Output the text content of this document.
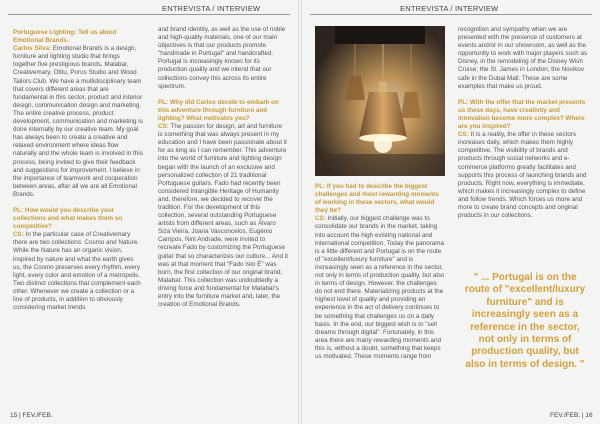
ENTREVISTA / INTERVIEW

Portuguese Lighting: Tell us about Emotional Brands.
Carlos Silva: Emotional Brands is a design, furniture and lighting studio that brings together five prestigious brands, Malabar, Creativemary, Ottiu, Porus Studio and Wood Tailors Club. We have a multidisciplinary team that covers different areas that are fundamental in this sector, product and interior design, communication design and marketing. The entire creative process, product development, communication and marketing is done internally by our creative team. My goal has always been to create a creative and relaxed environment where ideas flow naturally and the whole team is involved in this process, being invited to give their feedback and suggestions for improvement. I believe in the importance of teamwork and cooperation between areas, after all we are all Emotional Brands.

PL: How would you describe your collections and what makes them so competitive?
CS: In the particular case of Creativemary there are two collections: Cosmo and Nature. While the Nature has an organic vision, inspired by nature and what the earth gives us, the Cosmo preserves every rhythm, every light, every color and emotion of a metropolis. Two distinct collections that complement each other. Whenever we create a collection or a line of products, in addition to obviously considering market trends

and brand identity, as well as the use of noble and high-quality materials, one of our main objectives is that our products promote "handmade in Portugal" and handcrafted. Portugal is increasingly known for its production quality and we intend that our collections convey this across its entire spectrum.

PL: Why did Carlos decide to embark on this adventure through furniture and lighting? What motivates you?
CS: The passion for design, art and furniture is something that was always present in my education and I have been passionate about it for as long as I can remember. This adventure into the world of furniture and lighting design began with the launch of an exclusive and personalized collection of 21 traditional Portuguese guitars. Fado had recently been considered Intangible Heritage of Humanity and, therefore, we decided to recover the tradition. For the development of this collection, several outstanding Portuguese artists from different areas, such as Álvaro Siza Vieira, Joana Vasconcelos, Eugénio Campos, Nini Andrade, were invited to recreate Fado by customizing the Portuguese guitar that so characterizes our culture... And it was at that moment that "Fado Isto É" was born, the first collection of our original brand, Malabar. This collection was undoubtedly a driving force and fundamental for Malabar's entry into the furniture market and, later, the creation of Emotional Brands.

15 | FEV./FEB.
ENTREVISTA / INTERVIEW

PL: If you had to describe the biggest challenges and most rewarding moments of working in these sectors, what would they be?
CS: Initially, our biggest challenge was to consolidate our brands in the market, taking into account the high existing national and international competition. Today the panorama is a little different and Portugal is on the route of "excellent/luxury furniture" and is increasingly seen as a reference in the sector, not only in terms of production quality, but also in terms of design. However, the challenges do not end there. Materializing products at the highest level of quality and providing an experience in the act of delivery continues to be something that challenges us on a daily basis. In the end, our biggest wish is to "sell dreams through digital". Fortunately, in this area there are many rewarding moments and this is, without a doubt, something that keeps us motivated. These moments range from

recognition and sympathy when we are presented with the presence of customers at events and/or in our showroom, as well as the opportunity to work with major players such as Disney, in the remodeling of the Disney Wish Cruise; the St. James in London; the Novikov cafe in the Dubai Mall. These are some examples that make us proud.

PL: With the offer that the market presents us these days, have creativity and innovation become more complex? Where are you inspired?
CS: It is a reality, the offer in these sectors increases daily, which makes them highly competitive. The visibility of brands and products through social networks and e-commerce platforms greatly facilitates and supports this process of launching brands and products. Right now, everything is immediate, which makes it increasingly complex to define and follow trends. Which forces us more and more to create brand concepts and original products in our collections.

" ... Portugal is on the route of "excellent/luxury furniture" and is increasingly seen as a reference in the sector, not only in terms of production quality, but also in terms of design. "
FEV./FEB. | 16
